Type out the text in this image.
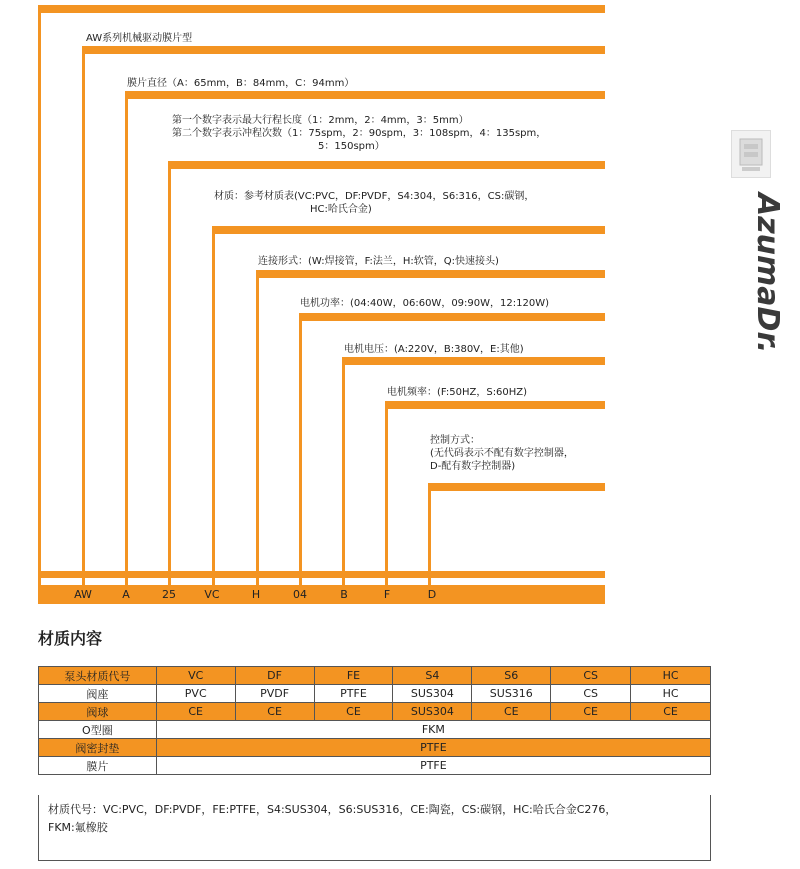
AW系列机械驱动膜片型
膜片直径（A：65mm，B：84mm，C：94mm）
第一个数字表示最大行程长度（1：2mm，2：4mm，3：5mm）
第二个数字表示冲程次数（1：75spm，2：90spm，3：108spm，4：135spm，
5：150spm）
材质：参考材质表(VC:PVC，DF:PVDF，S4:304，S6:316，CS:碳钢，
HC:哈氏合金)
连接形式：(W:焊接管，F:法兰，H:软管，Q:快速接头)
电机功率：(04:40W，06:60W，09:90W，12:120W)
电机电压：(A:220V，B:380V，E:其他)
电机频率：(F:50HZ，S:60HZ)
控制方式：
(无代码表示不配有数字控制器，
D-配有数字控制器)
AW	A	25	VC	H	04	B	F	D
AzumaDr.
材质内容
泵头材质代号	VC	DF	FE	S4	S6	CS	HC
阀座	PVC	PVDF	PTFE	SUS304	SUS316	CS	HC
阀球	CE	CE	CE	SUS304	CE	CE	CE
O型圈	FKM						
阀密封垫	PTFE						
膜片	PTFE						
材质代号：VC:PVC，DF:PVDF，FE:PTFE，S4:SUS304，S6:SUS316，CE:陶瓷，CS:碳钢，HC:哈氏合金C276，
FKM:氟橡胶
